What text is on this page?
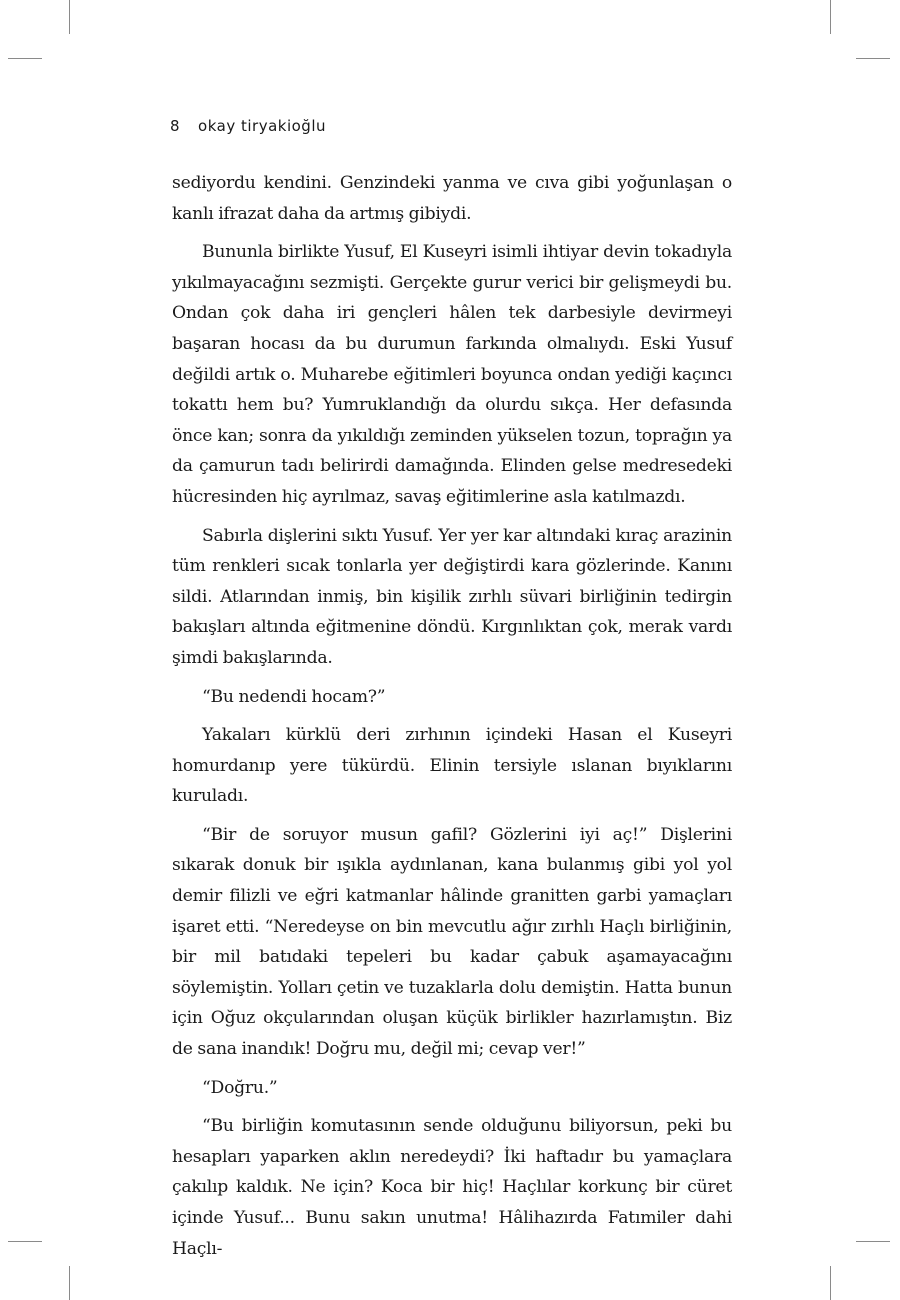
8 okay tiryakioğlu

sediyordu kendini. Genzindeki yanma ve cıva gibi yoğunlaşan o kanlı ifrazat daha da artmış gibiydi.

Bununla birlikte Yusuf, El Kuseyri isimli ihtiyar devin tokadıyla yıkılmayacağını sezmişti. Gerçekte gurur verici bir gelişmeydi bu. Ondan çok daha iri gençleri hâlen tek darbesiyle devirmeyi başaran hocası da bu durumun farkında olmalıydı. Eski Yusuf değildi artık o. Muharebe eğitimleri boyunca ondan yediği kaçıncı tokattı hem bu? Yumruklandığı da olurdu sıkça. Her defasında önce kan; sonra da yıkıldığı zeminden yükselen tozun, toprağın ya da çamurun tadı belirirdi damağında. Elinden gelse medresedeki hücresinden hiç ayrılmaz, savaş eğitimlerine asla katılmazdı.

Sabırla dişlerini sıktı Yusuf. Yer yer kar altındaki kıraç arazinin tüm renkleri sıcak tonlarla yer değiştirdi kara gözlerinde. Kanını sildi. Atlarından inmiş, bin kişilik zırhlı süvari birliğinin tedirgin bakışları altında eğitmenine döndü. Kırgınlıktan çok, merak vardı şimdi bakışlarında.

“Bu nedendi hocam?”

Yakaları kürklü deri zırhının içindeki Hasan el Kuseyri homurdanıp yere tükürdü. Elinin tersiyle ıslanan bıyıklarını kuruladı.

“Bir de soruyor musun gafil? Gözlerini iyi aç!” Dişlerini sıkarak donuk bir ışıkla aydınlanan, kana bulanmış gibi yol yol demir filizli ve eğri katmanlar hâlinde granitten garbi yamaçları işaret etti. “Neredeyse on bin mevcutlu ağır zırhlı Haçlı birliğinin, bir mil batıdaki tepeleri bu kadar çabuk aşamayacağını söylemiştin. Yolları çetin ve tuzaklarla dolu demiştin. Hatta bunun için Oğuz okçularından oluşan küçük birlikler hazırlamıştın. Biz de sana inandık! Doğru mu, değil mi; cevap ver!”

“Doğru.”

“Bu birliğin komutasının sende olduğunu biliyorsun, peki bu hesapları yaparken aklın neredeydi? İki haftadır bu yamaçlara çakılıp kaldık. Ne için? Koca bir hiç! Haçlılar korkunç bir cüret içinde Yusuf... Bunu sakın unutma! Hâlihazırda Fatımiler dahi Haçlı-
